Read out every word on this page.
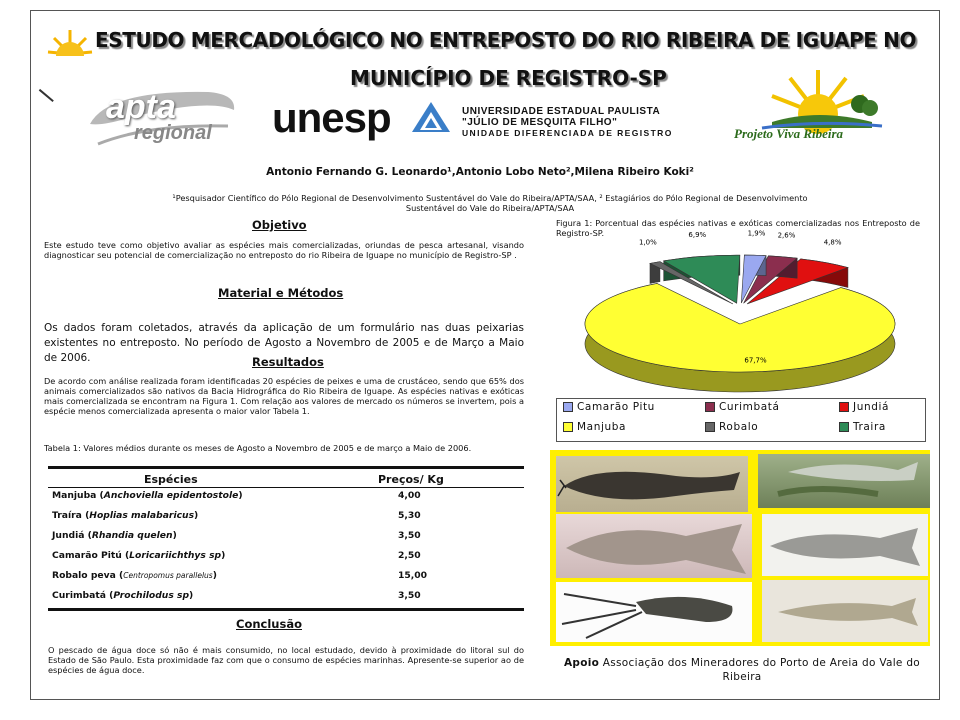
ESTUDO MERCADOLÓGICO NO ENTREPOSTO DO RIO RIBEIRA DE IGUAPE NO
MUNICÍPIO DE REGISTRO-SP
apta
regional unesp	UNIVERSIDADE ESTADUAL PAULISTA
"JÚLIO DE MESQUITA FILHO"
UNIDADE DIFERENCIADA DE REGISTRO	Projeto Viva Ribeira
Antonio Fernando G. Leonardo¹,Antonio Lobo Neto²,Milena Ribeiro Koki²
¹Pesquisador Científico do Pólo Regional de Desenvolvimento Sustentável do Vale do Ribeira/APTA/SAA, ² Estagiários do Pólo Regional de Desenvolvimento Sustentável do Vale do Ribeira/APTA/SAA
Objetivo
Este estudo teve como objetivo avaliar as espécies mais comercializadas, oriundas de pesca artesanal, visando diagnosticar seu potencial de comercialização no entreposto do rio Ribeira de Iguape no município de Registro-SP .
Material e Métodos
Os dados foram coletados, através da aplicação de um formulário nas duas peixarias existentes no entreposto. No período de Agosto a Novembro de 2005 e de Março a Maio de 2006.	Resultados
De acordo com análise realizada foram identificadas 20 espécies de peixes e uma de crustáceo, sendo que 65% dos animais comercializados são nativos da Bacia Hidrográfica do Rio Ribeira de Iguape. As espécies nativas e exóticas mais comercializada se encontram na Figura 1. Com relação aos valores de mercado os números se invertem, pois a espécie menos comercializada apresenta o maior valor Tabela 1.
Tabela 1: Valores médios durante os meses de Agosto a Novembro de 2005 e de março a Maio de 2006.
Espécies	Preços/ Kg
Manjuba (Anchoviella epidentostole)	4,00
Traíra (Hoplias malabaricus)	5,30
Jundiá (Rhandia quelen)	3,50
Camarão Pitú (Loricariichthys sp)	2,50
Robalo peva (Centropomus parallelus)	15,00
Curimbatá (Prochilodus sp)	3,50
Conclusão
O pescado de água doce só não é mais consumido, no local estudado, devido à proximidade do litoral sul do Estado de São Paulo. Esta proximidade faz com que o consumo de espécies marinhas. Apresente-se superior ao de espécies de água doce.
Figura 1: Porcentual das espécies nativas e exóticas comercializadas nos Entreposto de Registro-SP.	1,9% 2,6%
4,8%
67,7%
1,0%
6,9%
Camarão Pitu	Curimbatá	Jundiá
Manjuba	Robalo	Traira
Apoio Associação dos Mineradores do Porto de Areia do Vale do Ribeira
